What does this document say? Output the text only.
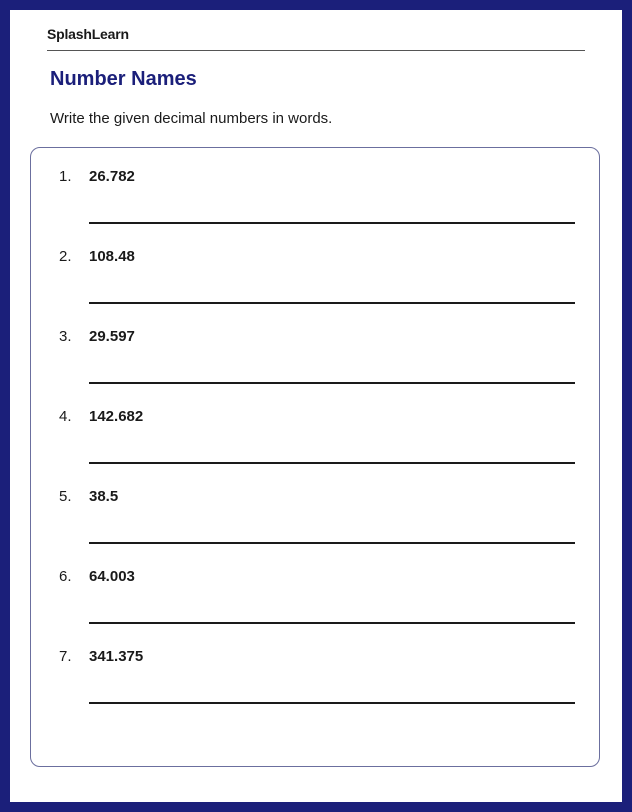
SplashLearn
Number Names

Write the given decimal numbers in words.

1. 26.782
2. 108.48
3. 29.597
4. 142.682
5. 38.5
6. 64.003
7. 341.375
